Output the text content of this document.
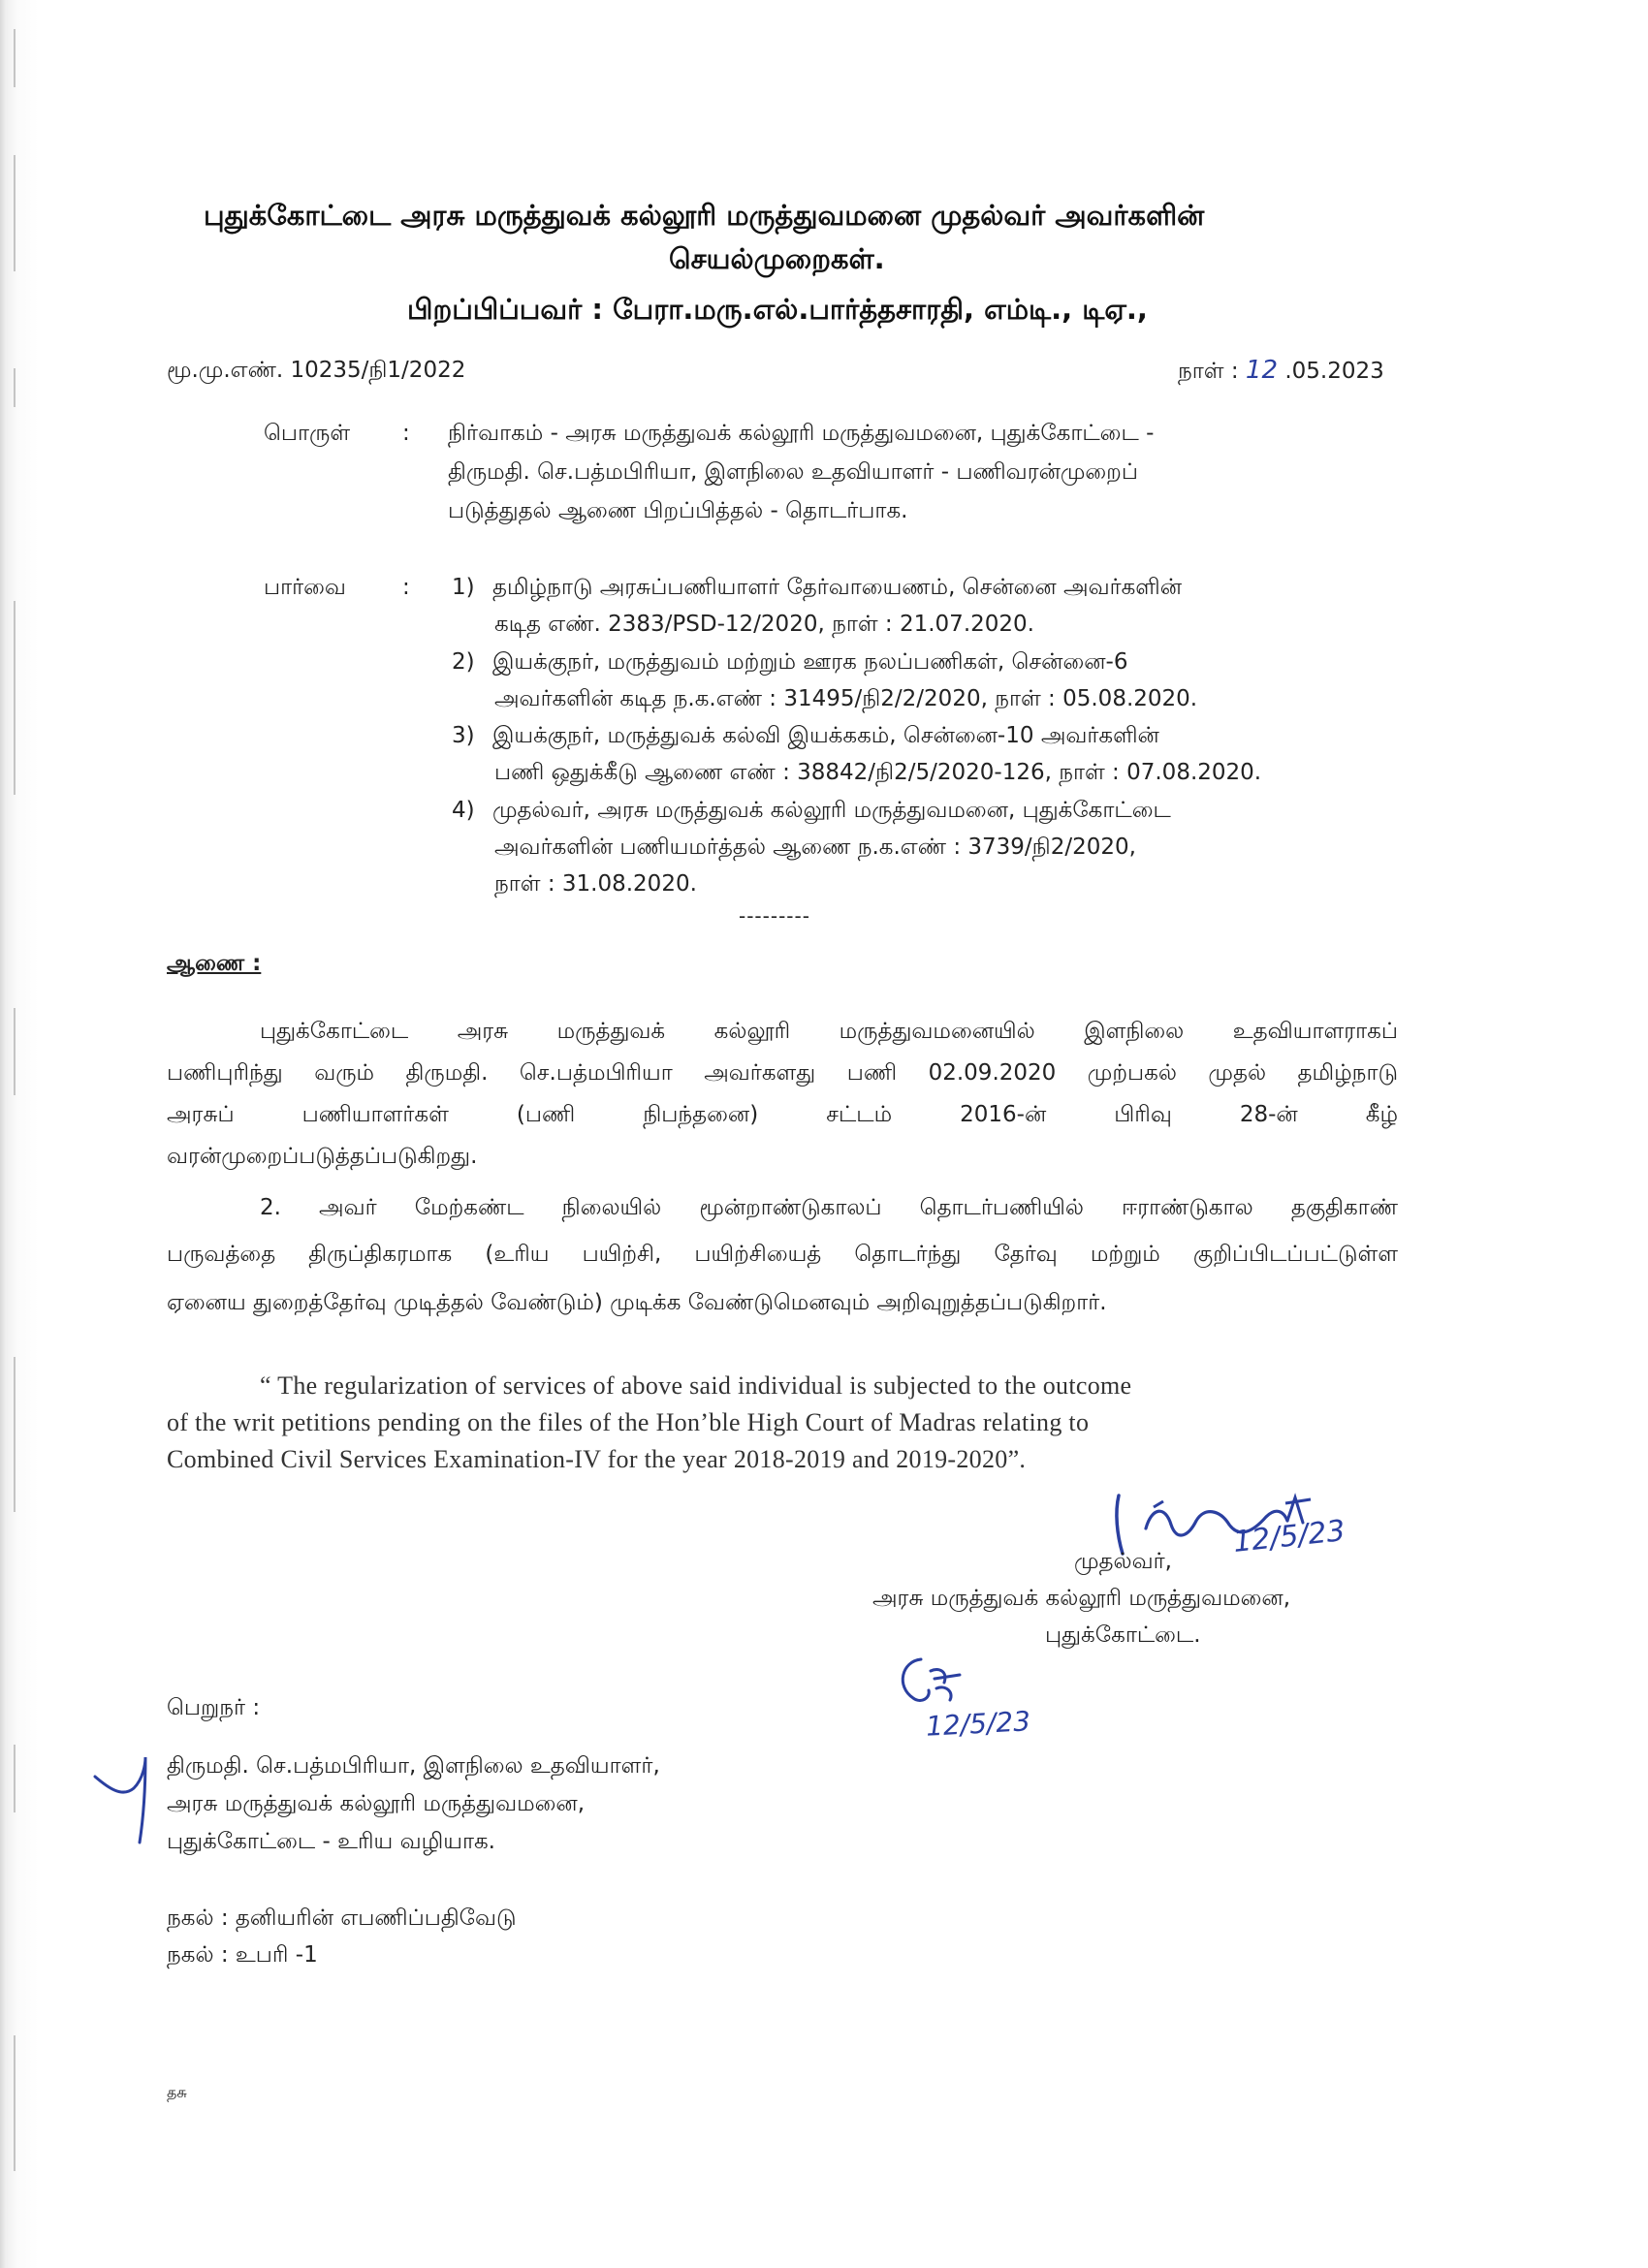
புதுக்கோட்டை அரசு மருத்துவக் கல்லூரி மருத்துவமனை முதல்வர் அவர்களின்
செயல்முறைகள்.
பிறப்பிப்பவர் : பேரா.மரு.எல்.பார்த்தசாரதி, எம்டி., டிஏ.,
மூ.மு.எண். 10235/நி1/2022	நாள் : 12 .05.2023
பொருள் : நிர்வாகம் - அரசு மருத்துவக் கல்லூரி மருத்துவமனை, புதுக்கோட்டை -
திருமதி. செ.பத்மபிரியா, இளநிலை உதவியாளர் - பணிவரன்முறைப்
படுத்துதல் ஆணை பிறப்பித்தல் - தொடர்பாக.
பார்வை	: 1) தமிழ்நாடு அரசுப்பணியாளர் தேர்வாயைணம், சென்னை அவர்களின்
கடித எண். 2383/PSD-12/2020, நாள் : 21.07.2020.
2) இயக்குநர், மருத்துவம் மற்றும் ஊரக நலப்பணிகள், சென்னை-6
அவர்களின் கடித ந.க.எண் : 31495/நி2/2/2020, நாள் : 05.08.2020.
3) இயக்குநர், மருத்துவக் கல்வி இயக்ககம், சென்னை-10 அவர்களின்
பணி ஒதுக்கீடு ஆணை எண் : 38842/நி2/5/2020-126, நாள் : 07.08.2020.
4) முதல்வர், அரசு மருத்துவக் கல்லூரி மருத்துவமனை, புதுக்கோட்டை
அவர்களின் பணியமர்த்தல் ஆணை ந.க.எண் : 3739/நி2/2020,
நாள் : 31.08.2020.
---------
ஆணை :
புதுக்கோட்டை அரசு மருத்துவக் கல்லூரி மருத்துவமனையில் இளநிலை உதவியாளராகப்
பணிபுரிந்து வரும் திருமதி. செ.பத்மபிரியா அவர்களது பணி 02.09.2020 முற்பகல் முதல் தமிழ்நாடு
அரசுப் பணியாளர்கள் (பணி நிபந்தனை) சட்டம் 2016-ன் பிரிவு 28-ன் கீழ்
வரன்முறைப்படுத்தப்படுகிறது.
2. அவர் மேற்கண்ட நிலையில் மூன்றாண்டுகாலப் தொடர்பணியில் ஈராண்டுகால தகுதிகாண்
பருவத்தை திருப்திகரமாக (உரிய பயிற்சி, பயிற்சியைத் தொடர்ந்து தேர்வு மற்றும் குறிப்பிடப்பட்டுள்ள
ஏனைய துறைத்தேர்வு முடித்தல் வேண்டும்) முடிக்க வேண்டுமெனவும் அறிவுறுத்தப்படுகிறார்.
“ The regularization of services of above said individual is subjected to the outcome
of the writ petitions pending on the files of the Hon’ble High Court of Madras relating to
Combined Civil Services Examination-IV for the year 2018-2019 and 2019-2020”.
12/5/23
முதல்வர்,
அரசு மருத்துவக் கல்லூரி மருத்துவமனை,
புதுக்கோட்டை.
பெறுநர் :
திருமதி. செ.பத்மபிரியா, இளநிலை உதவியாளர்,
அரசு மருத்துவக் கல்லூரி மருத்துவமனை,
புதுக்கோட்டை - உரிய வழியாக.
12/5/23
நகல் : தனியரின் எபணிப்பதிவேடு
நகல் : உபரி -1
தசு
